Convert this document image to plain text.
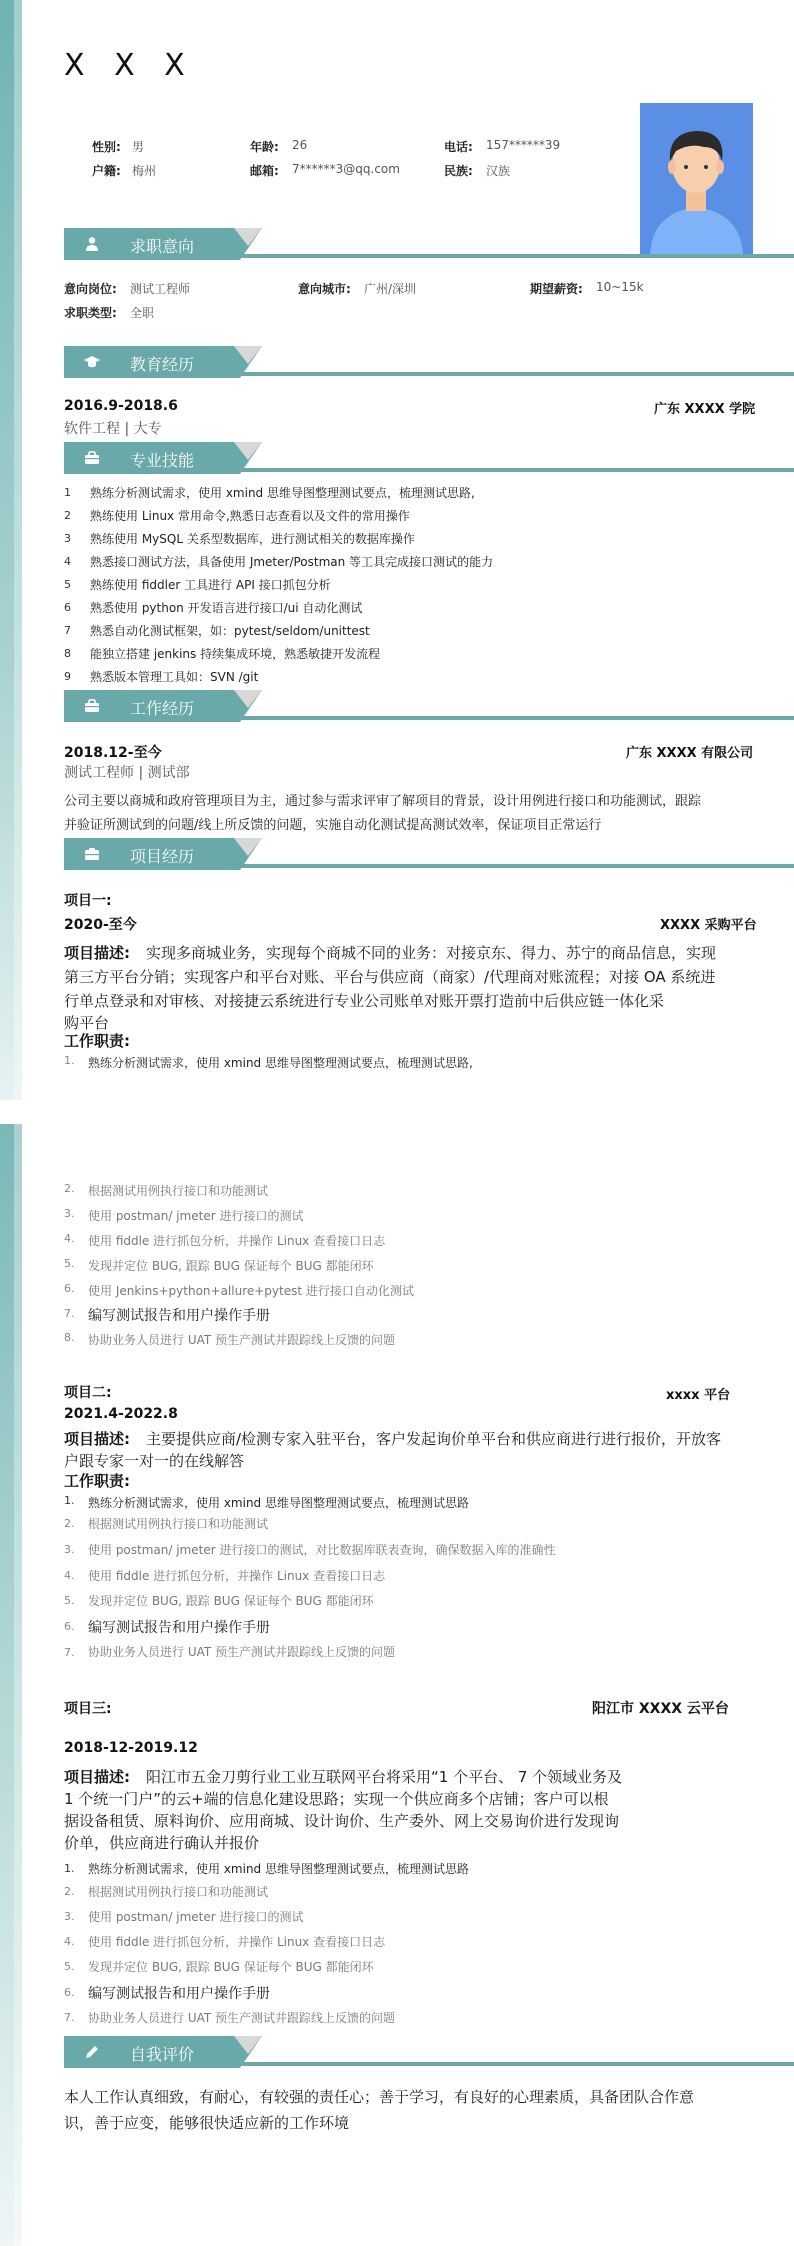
X X X
性别: 男	年龄: 26	电话: 157******39
户籍: 梅州	邮箱: 7******3@qq.com	民族: 汉族
求职意向
意向岗位: 测试工程师	意向城市: 广州/深圳	期望薪资: 10~15k
求职类型: 全职
教育经历
2016.9-2018.6	广东 XXXX 学院
软件工程 | 大专
专业技能
1 熟练分析测试需求，使用 xmind 思维导图整理测试要点，梳理测试思路,
2 熟练使用 Linux 常用命令,熟悉日志查看以及文件的常用操作
3 熟练使用 MySQL 关系型数据库，进行测试相关的数据库操作
4 熟悉接口测试方法，具备使用 Jmeter/Postman 等工具完成接口测试的能力
5 熟练使用 fiddler 工具进行 API 接口抓包分析
6 熟悉使用 python 开发语言进行接口/ui 自动化测试
7 熟悉自动化测试框架，如：pytest/seldom/unittest
8 能独立搭建 jenkins 持续集成环境，熟悉敏捷开发流程
9 熟悉版本管理工具如：SVN /git
工作经历
2018.12-至今	广东 XXXX 有限公司
测试工程师 | 测试部
公司主要以商城和政府管理项目为主，通过参与需求评审了解项目的背景，设计用例进行接口和功能测试，跟踪
并验证所测试到的问题/线上所反馈的问题，实施自动化测试提高测试效率，保证项目正常运行
项目经历
项目一:
2020-至今	XXXX 采购平台
项目描述: 实现多商城业务，实现每个商城不同的业务：对接京东、得力、苏宁的商品信息，实现
第三方平台分销；实现客户和平台对账、平台与供应商（商家）/代理商对账流程；对接 OA 系统进
行单点登录和对审核、对接捷云系统进行专业公司账单对账开票打造前中后供应链一体化采
购平台
工作职责:
1. 熟练分析测试需求，使用 xmind 思维导图整理测试要点，梳理测试思路,
2. 根据测试用例执行接口和功能测试
3. 使用 postman/ jmeter 进行接口的测试
4. 使用 fiddle 进行抓包分析，并操作 Linux 查看接口日志
5. 发现并定位 BUG, 跟踪 BUG 保证每个 BUG 都能闭环
6. 使用 Jenkins+python+allure+pytest 进行接口自动化测试
7. 编写测试报告和用户操作手册
8. 协助业务人员进行 UAT 预生产测试并跟踪线上反馈的问题
项目二:	xxxx 平台
2021.4-2022.8
项目描述: 主要提供应商/检测专家入驻平台，客户发起询价单平台和供应商进行进行报价，开放客
户跟专家一对一的在线解答
工作职责:
1. 熟练分析测试需求，使用 xmind 思维导图整理测试要点，梳理测试思路
2. 根据测试用例执行接口和功能测试
3. 使用 postman/ jmeter 进行接口的测试，对比数据库联表查询，确保数据入库的准确性
4. 使用 fiddle 进行抓包分析，并操作 Linux 查看接口日志
5. 发现并定位 BUG, 跟踪 BUG 保证每个 BUG 都能闭环
6. 编写测试报告和用户操作手册
7. 协助业务人员进行 UAT 预生产测试并跟踪线上反馈的问题
项目三:	阳江市 XXXX 云平台
2018-12-2019.12
项目描述: 阳江市五金刀剪行业工业互联网平台将采用“1 个平台、 7 个领域业务及
1 个统一门户”的云+端的信息化建设思路；实现一个供应商多个店铺；客户可以根
据设备租赁、原料询价、应用商城、设计询价、生产委外、网上交易询价进行发现询
价单，供应商进行确认并报价
1. 熟练分析测试需求，使用 xmind 思维导图整理测试要点，梳理测试思路
2. 根据测试用例执行接口和功能测试
3. 使用 postman/ jmeter 进行接口的测试
4. 使用 fiddle 进行抓包分析，并操作 Linux 查看接口日志
5. 发现并定位 BUG, 跟踪 BUG 保证每个 BUG 都能闭环
6. 编写测试报告和用户操作手册
7. 协助业务人员进行 UAT 预生产测试并跟踪线上反馈的问题
自我评价
本人工作认真细致，有耐心，有较强的责任心；善于学习，有良好的心理素质，具备团队合作意
识，善于应变，能够很快适应新的工作环境
